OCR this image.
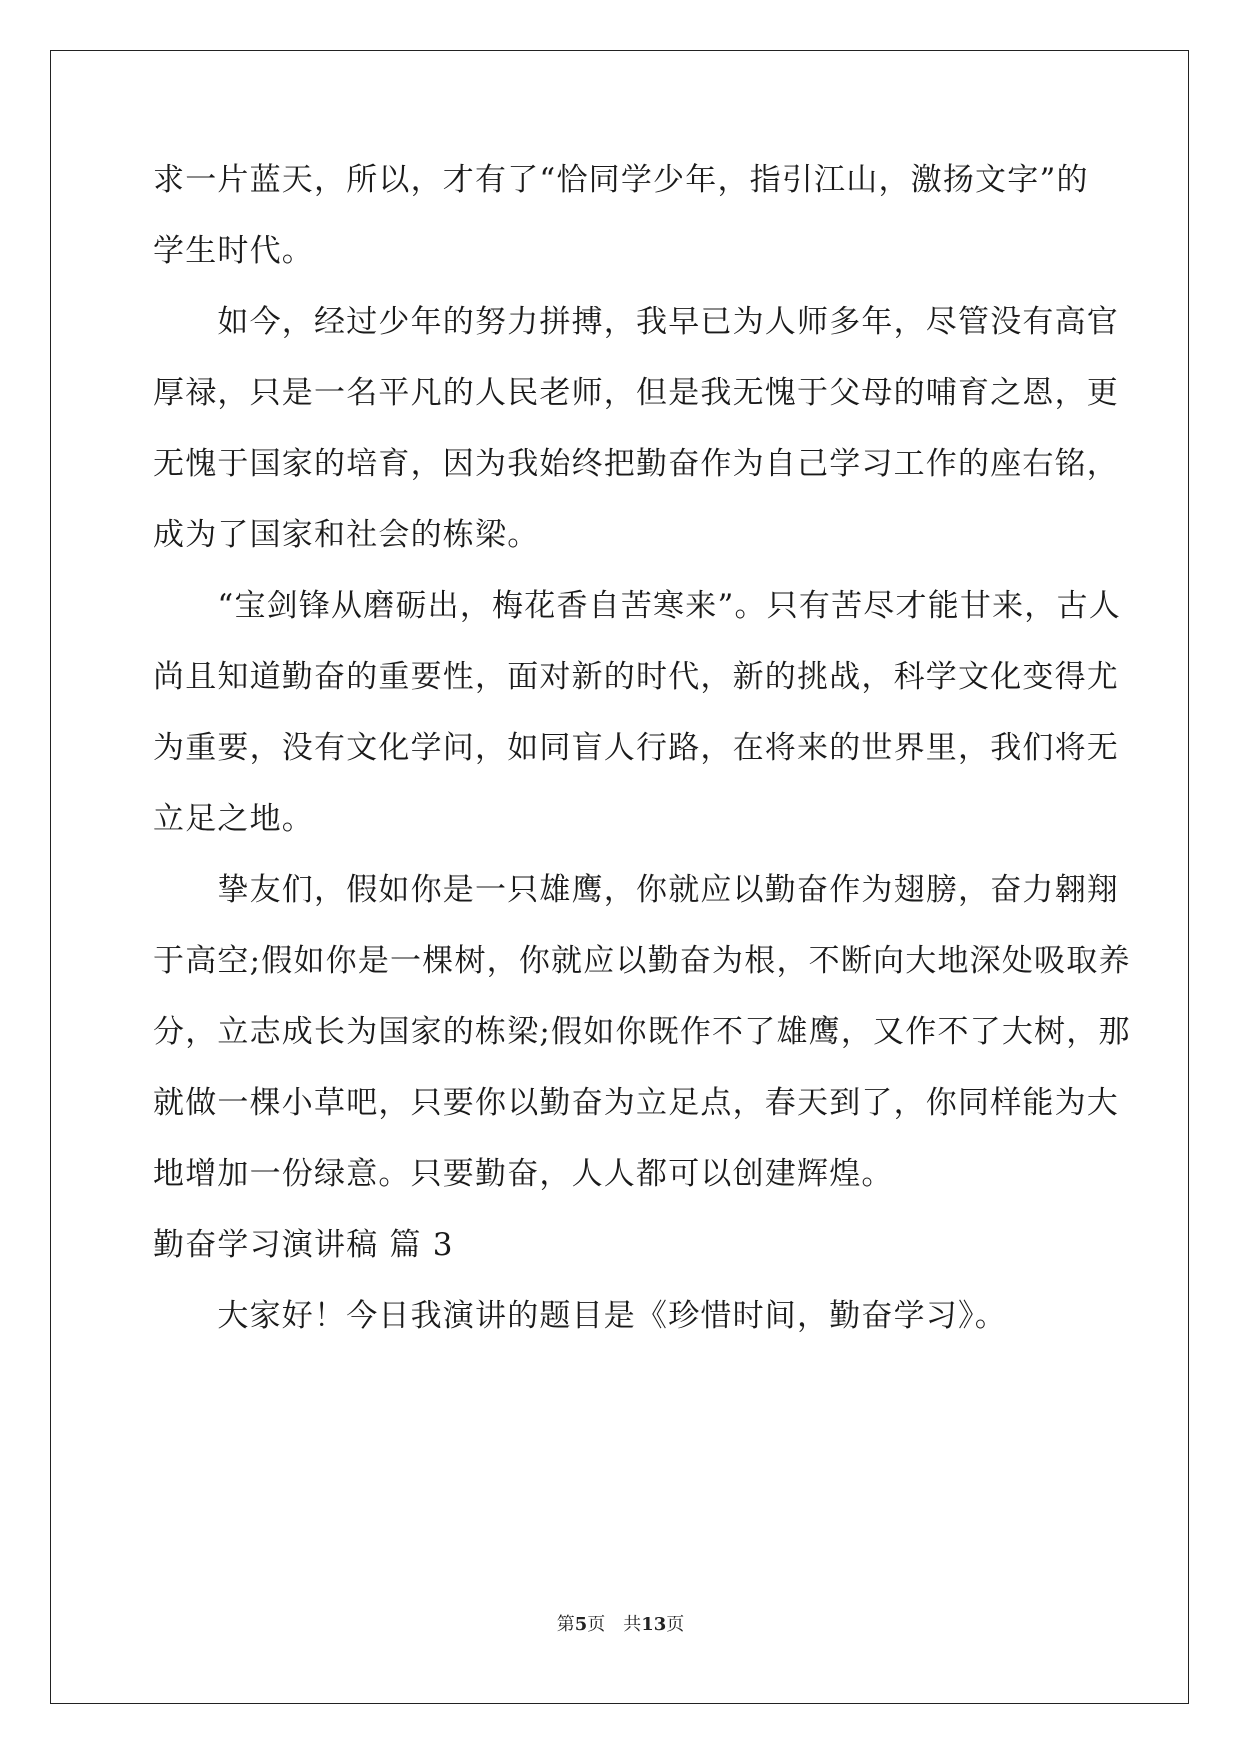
求一片蓝天，所以，才有了“恰同学少年，指引江山，激扬文字”的
学生时代。
　　如今，经过少年的努力拼搏，我早已为人师多年，尽管没有高官
厚禄，只是一名平凡的人民老师，但是我无愧于父母的哺育之恩，更
无愧于国家的培育，因为我始终把勤奋作为自己学习工作的座右铭，
成为了国家和社会的栋梁。
　　“宝剑锋从磨砺出，梅花香自苦寒来”。只有苦尽才能甘来，古人
尚且知道勤奋的重要性，面对新的时代，新的挑战，科学文化变得尤
为重要，没有文化学问，如同盲人行路，在将来的世界里，我们将无
立足之地。
　　挚友们，假如你是一只雄鹰，你就应以勤奋作为翅膀，奋力翱翔
于高空;假如你是一棵树，你就应以勤奋为根，不断向大地深处吸取养
分，立志成长为国家的栋梁;假如你既作不了雄鹰，又作不了大树，那
就做一棵小草吧，只要你以勤奋为立足点，春天到了，你同样能为大
地增加一份绿意。只要勤奋，人人都可以创建辉煌。
勤奋学习演讲稿 篇 3
　　大家好！今日我演讲的题目是《珍惜时间，勤奋学习》。
第5页　共13页
